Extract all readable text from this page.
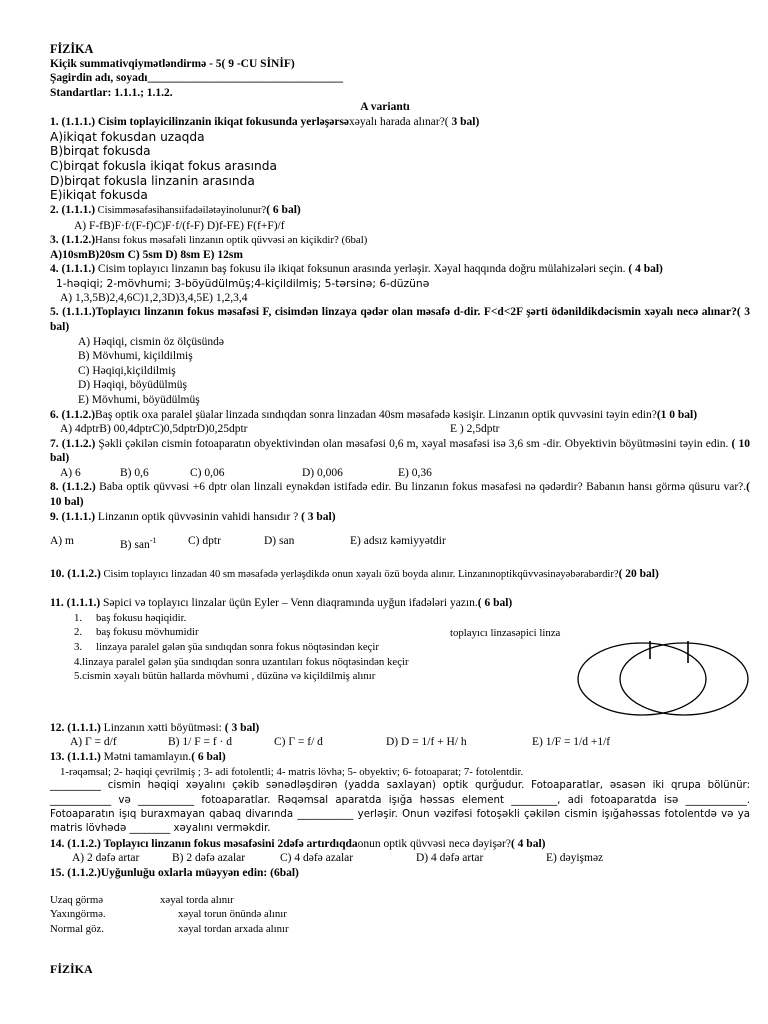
FİZİKA

Kiçik summativqiymətləndirmə - 5( 9 -CU SİNİF)

Şagirdin adı, soyadı__________________________________

Standartlar: 1.1.1.; 1.1.2.

A variantı

1. (1.1.1.) Cisim toplayicilinzanin ikiqat fokusunda yerləşərsəxəyalı harada alınar?( 3 bal)

A)ikiqat fokusdan uzaqda

B)birqat fokusda

C)birqat fokusla ikiqat fokus arasında

D)birqat fokusla linzanin arasında

E)ikiqat fokusda

2. (1.1.1.) Cisimməsafəsihansıifadəilətəyinolunur?( 6 bal)

A) F-fB)F·f/(F-f)C)F·f/(f-F) D)f-FE) F(f+F)/f

3. (1.1.2.)Hansı fokus məsafəli linzanın optik qüvvəsi ən kiçikdir? (6bal)

A)10smB)20sm C) 5sm D) 8sm E) 12sm

4. (1.1.1.) Cisim toplayıcı linzanın baş fokusu ilə ikiqat foksunun arasında yerləşir. Xəyal haqqında doğru mülahizələri seçin. ( 4 bal)

1-həqiqi; 2-mövhumi; 3-böyüdülmüş;4-kiçildilmiş; 5-tərsinə; 6-düzünə

A) 1,3,5B)2,4,6C)1,2,3D)3,4,5E) 1,2,3,4

5. (1.1.1.)Toplayıcı linzanın fokus məsafəsi F, cisimdən linzaya qədər olan məsafə d-dir. F<d<2F şərti ödənildikdəcismin xəyalı necə alınar?( 3 bal)

A) Həqiqi, cismin öz ölçüsündə

B) Mövhumi, kiçildilmiş

C) Həqiqi,kiçildilmiş

D) Həqiqi, böyüdülmüş

E) Mövhumi, böyüdülmüş

6. (1.1.2.)Baş optik oxa paralel şüalar linzada sındıqdan sonra linzadan 40sm məsafədə kəsişir. Linzanın optik quvvəsini təyin edin?(1 0 bal)

A) 4dptrB) 00,4dptrC)0,5dptrD)0,25dptr	E ) 2,5dptr

7. (1.1.2.) Şəkli çəkilən cismin fotoaparatın obyektivindən olan məsafəsi 0,6 m, xəyal məsafəsi isə 3,6 sm -dir. Obyektivin böyütməsini təyin edin. ( 10 bal)

A) 6	B) 0,6	C) 0,06	D) 0,006	E) 0,36

8. (1.1.2.) Baba optik qüvvəsi +6 dptr olan linzali eynəkdən istifadə edir. Bu linzanın fokus məsafəsi nə qədərdir? Babanın hansı görmə qüsuru var?.( 10 bal)

9. (1.1.1.) Linzanın optik qüvvəsinin vahidi hansıdır ? ( 3 bal)

A) m	B) san$^{-1}$	C) dptr	D) san	E) adsız kəmiyyətdir

10. (1.1.2.) Cisim toplayıcı linzadan 40 sm məsafədə yerləşdikdə onun xəyalı özü boyda alınır. Linzanınoptikqüvvəsinəyəbərabərdir?( 20 bal)

11. (1.1.1.) Səpici və toplayıcı linzalar üçün Eyler – Venn diaqramında uyğun ifadələri yazın.( 6 bal)

1. baş fokusu həqiqidir.

2. baş fokusu mövhumidir

3. linzaya paralel gələn şüa sındıqdan sonra fokus nöqtəsindən keçir

4.linzaya paralel gələn şüa sındıqdan sonra uzantıları fokus nöqtəsindən keçir

5.cismin xəyalı bütün hallarda mövhumi , düzünə və kiçildilmiş alınır

toplayıcı linzasəpici linza

12. (1.1.1.) Linzanın xətti böyütməsi: ( 3 bal)

A) Γ = d/f	B) 1/ F = f · d	C) Γ = f/ d	D) D = 1/f + H/ h	E) 1/F = 1/d +1/f

13. (1.1.1.) Mətni tamamlayın.( 6 bal)

1-rəqəmsal; 2- həqiqi çevrilmiş ; 3- adi fotolentli; 4- matris lövhə; 5- obyektiv; 6- fotoaparat; 7- fotolentdir.

__________ cismin həqiqi xəyalını çəkib sənədləşdirən (yadda saxlayan) optik qurğudur. Fotoaparatlar, əsasən iki qrupa bölünür: ____________ və ___________ fotoaparatlar. Rəqəmsal aparatda işığa həssas element _________, adi fotoaparatda isə ____________. Fotoaparatın işıq buraxmayan qabaq divarında ___________ yerləşir. Onun vəzifəsi fotoşəkli çəkilən cismin işığahəssas fotolentdə və ya matris lövhədə ________ xəyalını verməkdir.

14. (1.1.2.) Toplayıcı linzanın fokus məsafəsini 2dəfə artırdıqdaonun optik qüvvəsi necə dəyişər?( 4 bal)

A) 2 dəfə artar	B) 2 dəfə azalar	C) 4 dəfə azalar	D) 4 dəfə artar	E) dəyişməz

15. (1.1.2.)Uyğunluğu oxlarla müəyyən edin: (6bal)

Uzaq görmə	xəyal torda alınır
Yaxıngörmə.	xəyal torun önündə alınır
Normal göz.	xəyal tordan arxada alınır

FİZİKA
